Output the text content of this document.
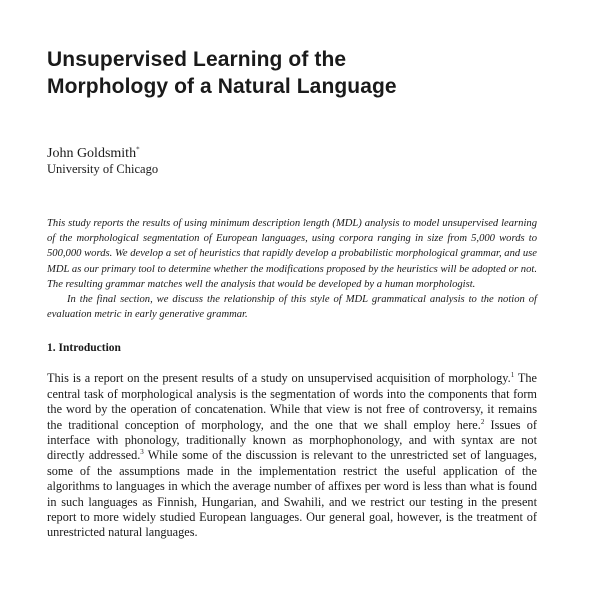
Unsupervised Learning of the
Morphology of a Natural Language
John Goldsmith*
University of Chicago

This study reports the results of using minimum description length (MDL) analysis to model unsupervised learning of the morphological segmentation of European languages, using corpora ranging in size from 5,000 words to 500,000 words. We develop a set of heuristics that rapidly develop a probabilistic morphological grammar, and use MDL as our primary tool to determine whether the modifications proposed by the heuristics will be adopted or not. The resulting grammar matches well the analysis that would be developed by a human morphologist.

In the final section, we discuss the relationship of this style of MDL grammatical analysis to the notion of evaluation metric in early generative grammar.

1. Introduction

This is a report on the present results of a study on unsupervised acquisition of morphology.$^1$ The central task of morphological analysis is the segmentation of words into the components that form the word by the operation of concatenation. While that view is not free of controversy, it remains the traditional conception of morphology, and the one that we shall employ here.$^2$ Issues of interface with phonology, traditionally known as morphophonology, and with syntax are not directly addressed.$^3$ While some of the discussion is relevant to the unrestricted set of languages, some of the assumptions made in the implementation restrict the useful application of the algorithms to languages in which the average number of affixes per word is less than what is found in such languages as Finnish, Hungarian, and Swahili, and we restrict our testing in the present report to more widely studied European languages. Our general goal, however, is the treatment of unrestricted natural languages.
